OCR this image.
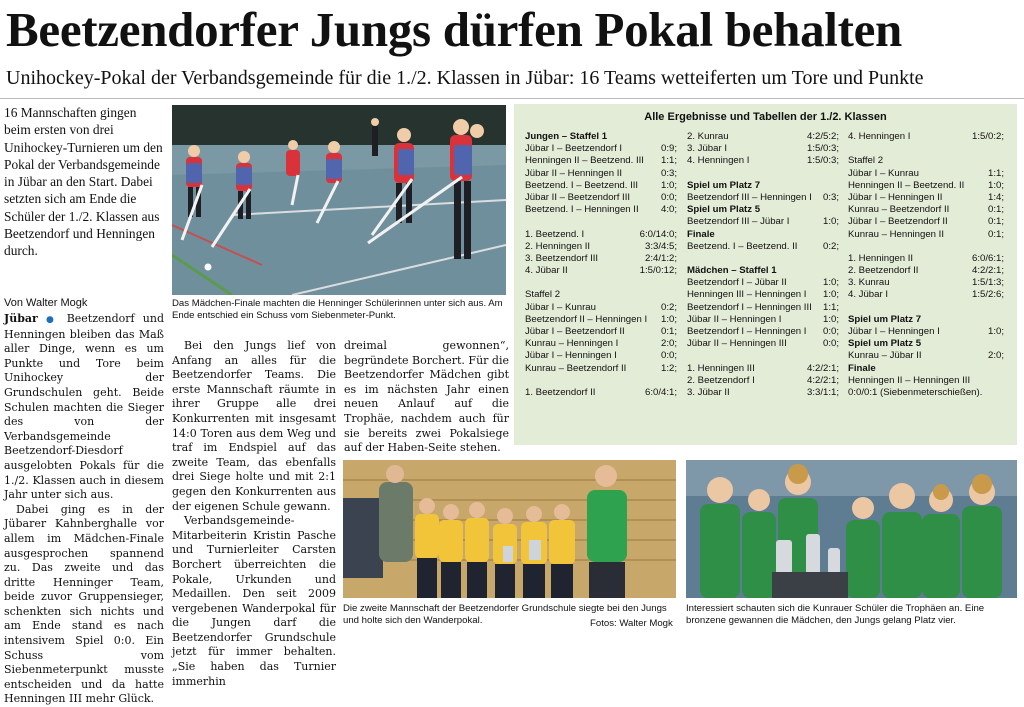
Beetzendorfer Jungs dürfen Pokal behalten
Unihockey-Pokal der Verbandsgemeinde für die 1./2. Klassen in Jübar: 16 Teams wetteiferten um Tore und Punkte
16 Mannschaften gingen beim ersten von drei Unihockey-Turnieren um den Pokal der Verbandsgemeinde in Jübar an den Start. Dabei setzten sich am Ende die Schüler der 1./2. Klassen aus Beetzendorf und Henningen durch.
Von Walter Mogk

Jübar ● Beetzendorf und Henningen bleiben das Maß aller Dinge, wenn es um Punkte und Tore beim Unihockey der Grundschulen geht. Beide Schulen machten die Sieger des von der Verbandsgemeinde Beetzendorf-Diesdorf ausgelobten Pokals für die 1./2. Klassen auch in diesem Jahr unter sich aus.

Dabei ging es in der Jübarer Kahnberghalle vor allem im Mädchen-Finale ausgesprochen spannend zu. Das zweite und das dritte Henninger Team, beide zuvor Gruppensieger, schenkten sich nichts und am Ende stand es nach intensivem Spiel 0:0. Ein Schuss vom Siebenmeterpunkt musste entscheiden und da hatte Henningen III mehr Glück.

Bei den Jungs lief von Anfang an alles für die Beetzendorfer Teams. Die erste Mannschaft räumte in ihrer Gruppe alle drei Konkurrenten mit insgesamt 14:0 Toren aus dem Weg und traf im Endspiel auf das zweite Team, das ebenfalls drei Siege holte und mit 2:1 gegen den Konkurrenten aus der eigenen Schule gewann.

Verbandsgemeinde-Mitarbeiterin Kristin Pasche und Turnierleiter Carsten Borchert überreichten die Pokale, Urkunden und Medaillen. Den seit 2009 vergebenen Wanderpokal für die Jungen darf die Beetzendorfer Grundschule jetzt für immer behalten. „Sie haben das Turnier immerhin

dreimal gewonnen“, begründete Borchert. Für die Beetzendorfer Mädchen gibt es im nächsten Jahr einen neuen Anlauf auf die Trophäe, nachdem auch für sie bereits zwei Pokalsiege auf der Haben-Seite stehen.

Das Mädchen-Finale machten die Henninger Schülerinnen unter sich aus. Am Ende entschied ein Schuss vom Siebenmeter-Punkt.
Alle Ergebnisse und Tabellen der 1./2. Klassen
Jungen – Staffel 1
Jübar I – Beetzendorf I	0:9;
Henningen II – Beetzend. III 1:1;
Jübar II – Henningen II	0:3;
Beetzend. I – Beetzend. III 1:0;
Jübar II – Beetzendorf III	0:0;
Beetzend. I – Henningen II 4:0;
1. Beetzend. I	6:0/14:0;
2. Henningen II	3:3/4:5;
3. Beetzendorf III	2:4/1:2;
4. Jübar II	1:5/0:12;
Staffel 2
Jübar I – Kunrau	0:2;
Beetzendorf II – Henningen I 1:0;
Jübar I – Beetzendorf II	0:1;
Kunrau – Henningen I	2:0;
Jübar I – Henningen I	0:0;
Kunrau – Beetzendorf II	1:2;
1. Beetzendorf II	6:0/4:1;
2. Kunrau	4:2/5:2;
3. Jübar I	1:5/0:3;
4. Henningen I	1:5/0:3;
Spiel um Platz 7
Beetzendorf III – Henningen I 0:3;
Spiel um Platz 5
Beetzendorf III – Jübar I	1:0;
Finale
Beetzend. I – Beetzend. II	0:2;
Mädchen – Staffel 1
Beetzendorf I – Jübar II	1:0;
Henningen III – Henningen I 1:0;
Beetzendorf I – Henningen III 1:1;
Jübar II – Henningen I	1:0;
Beetzendorf I – Henningen I 0:0;
Jübar II – Henningen III	0:0;
1. Henningen III	4:2/2:1;
2. Beetzendorf I	4:2/2:1;
3. Jübar II	3:3/1:1;
4. Henningen I	1:5/0:2;
Staffel 2
Jübar I – Kunrau	1:1;
Henningen II – Beetzend. II 1:0;
Jübar I – Henningen II	1:4;
Kunrau – Beetzendorf II	0:1;
Jübar I – Beetzendorf II	0:1;
Kunrau – Henningen II	0:1;
1. Henningen II	6:0/6:1;
2. Beetzendorf II	4:2/2:1;
3. Kunrau	1:5/1:3;
4. Jübar I	1:5/2:6;
Spiel um Platz 7
Jübar I – Henningen I	1:0;
Spiel um Platz 5
Kunrau – Jübar II	2:0;
Finale
Henningen II – Henningen III
0:0/0:1 (Siebenmeterschießen).
Die zweite Mannschaft der Beetzendorfer Grundschule siegte bei den Jungs und holte sich den Wanderpokal.
Interessiert schauten sich die Kunrauer Schüler die Trophäen an. Eine bronzene gewannen die Mädchen, den Jungs gelang Platz vier.
Fotos: Walter Mogk
